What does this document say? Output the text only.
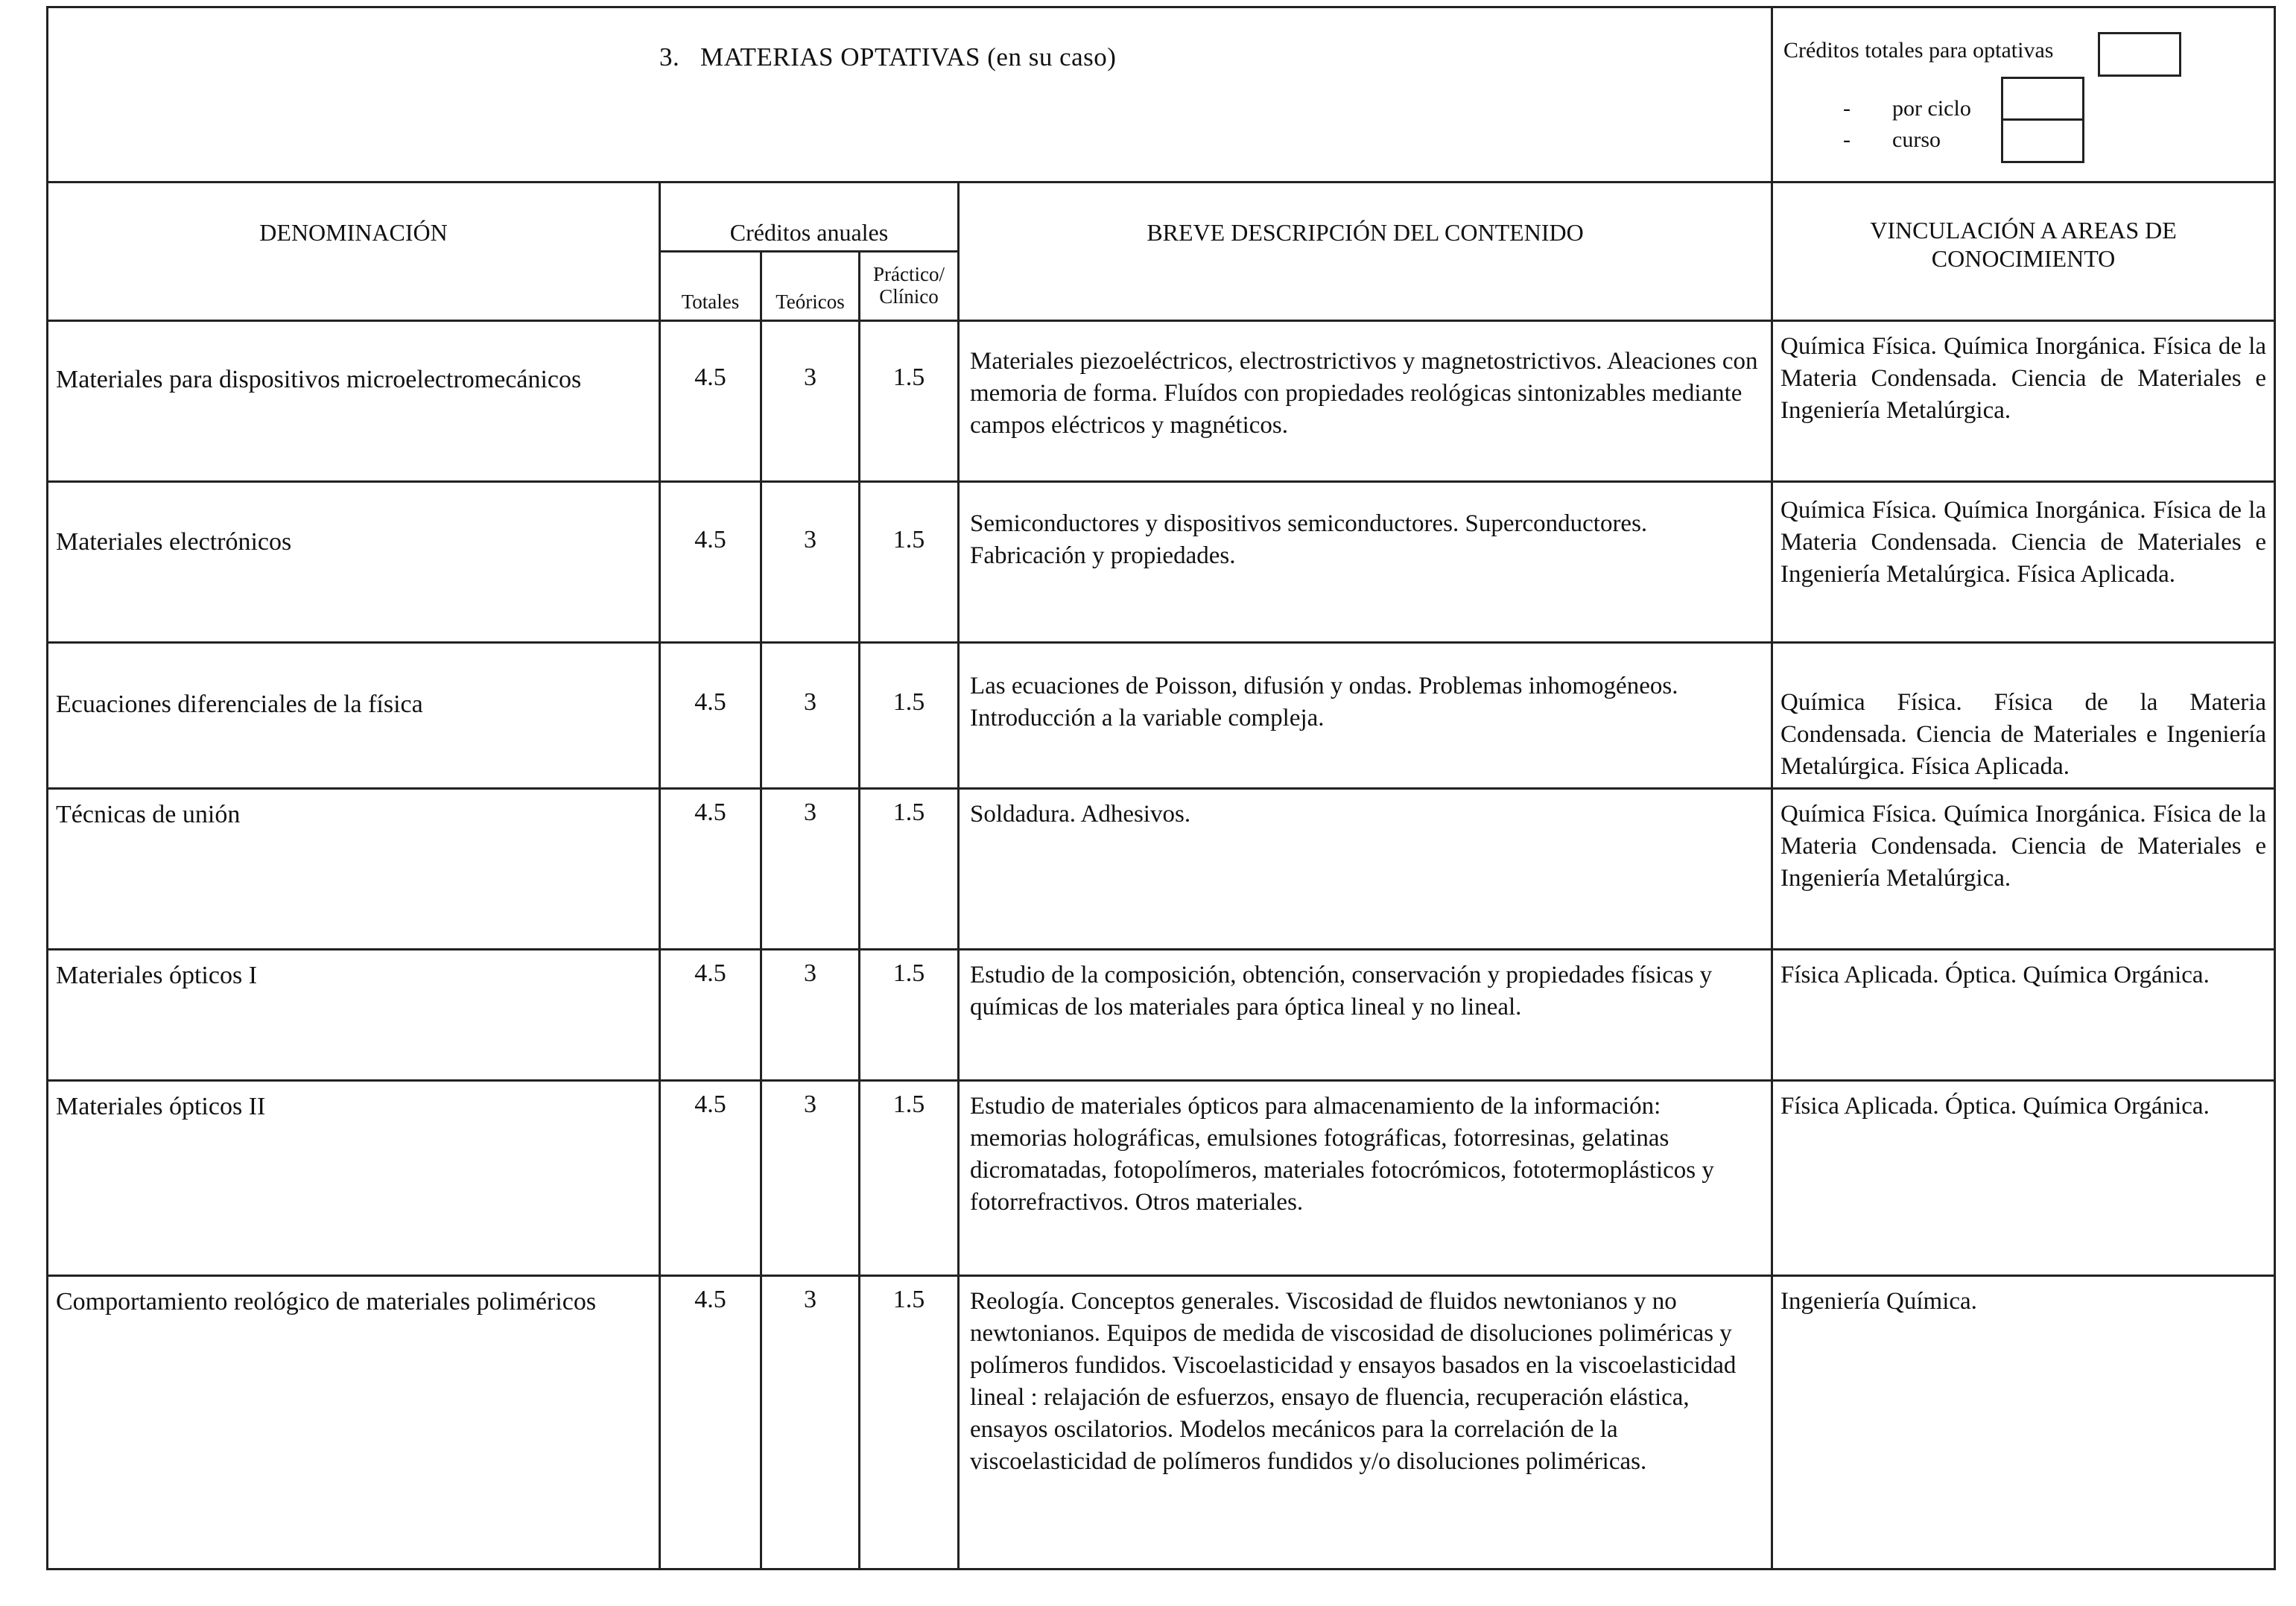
3. MATERIAS OPTATIVAS (en su caso)					Créditos totales para optativas
- por ciclo
- curso

DENOMINACIÓN	Créditos anuales			BREVE DESCRIPCIÓN DEL CONTENIDO	VINCULACIÓN A AREAS DE
CONOCIMIENTO

	Totales	Teóricos	Práctico/
Clínico		

Materiales para dispositivos microelectromecánicos	4.5	3	1.5	Materiales piezoeléctricos, electrostrictivos y magnetostrictivos. Aleaciones con memoria de forma. Fluídos con propiedades reológicas sintonizables mediante campos eléctricos y magnéticos.	Química Física. Química Inorgánica. Física de la Materia Condensada. Ciencia de Materiales e Ingeniería Metalúrgica.

Materiales electrónicos	4.5	3	1.5	Semiconductores y dispositivos semiconductores. Superconductores. Fabricación y propiedades.	Química Física. Química Inorgánica. Física de la Materia Condensada. Ciencia de Materiales e Ingeniería Metalúrgica. Física Aplicada.

Ecuaciones diferenciales de la física	4.5	3	1.5	Las ecuaciones de Poisson, difusión y ondas. Problemas inhomogéneos. Introducción a la variable compleja.	Química Física. Física de la Materia Condensada. Ciencia de Materiales e Ingeniería Metalúrgica. Física Aplicada.

Técnicas de unión	4.5	3	1.5	Soldadura. Adhesivos.	Química Física. Química Inorgánica. Física de la Materia Condensada. Ciencia de Materiales e Ingeniería Metalúrgica.

Materiales ópticos I	4.5	3	1.5	Estudio de la composición, obtención, conservación y propiedades físicas y químicas de los materiales para óptica lineal y no lineal.	Física Aplicada. Óptica. Química Orgánica.

Materiales ópticos II	4.5	3	1.5	Estudio de materiales ópticos para almacenamiento de la información: memorias holográficas, emulsiones fotográficas, fotorresinas, gelatinas dicromatadas, fotopolímeros, materiales fotocrómicos, fototermoplásticos y fotorrefractivos. Otros materiales.	Física Aplicada. Óptica. Química Orgánica.

Comportamiento reológico de materiales poliméricos	4.5	3	1.5	Reología. Conceptos generales. Viscosidad de fluidos newtonianos y no newtonianos. Equipos de medida de viscosidad de disoluciones poliméricas y polímeros fundidos. Viscoelasticidad y ensayos basados en la viscoelasticidad lineal : relajación de esfuerzos, ensayo de fluencia, recuperación elástica, ensayos oscilatorios. Modelos mecánicos para la correlación de la viscoelasticidad de polímeros fundidos y/o disoluciones poliméricas.	Ingeniería Química.
